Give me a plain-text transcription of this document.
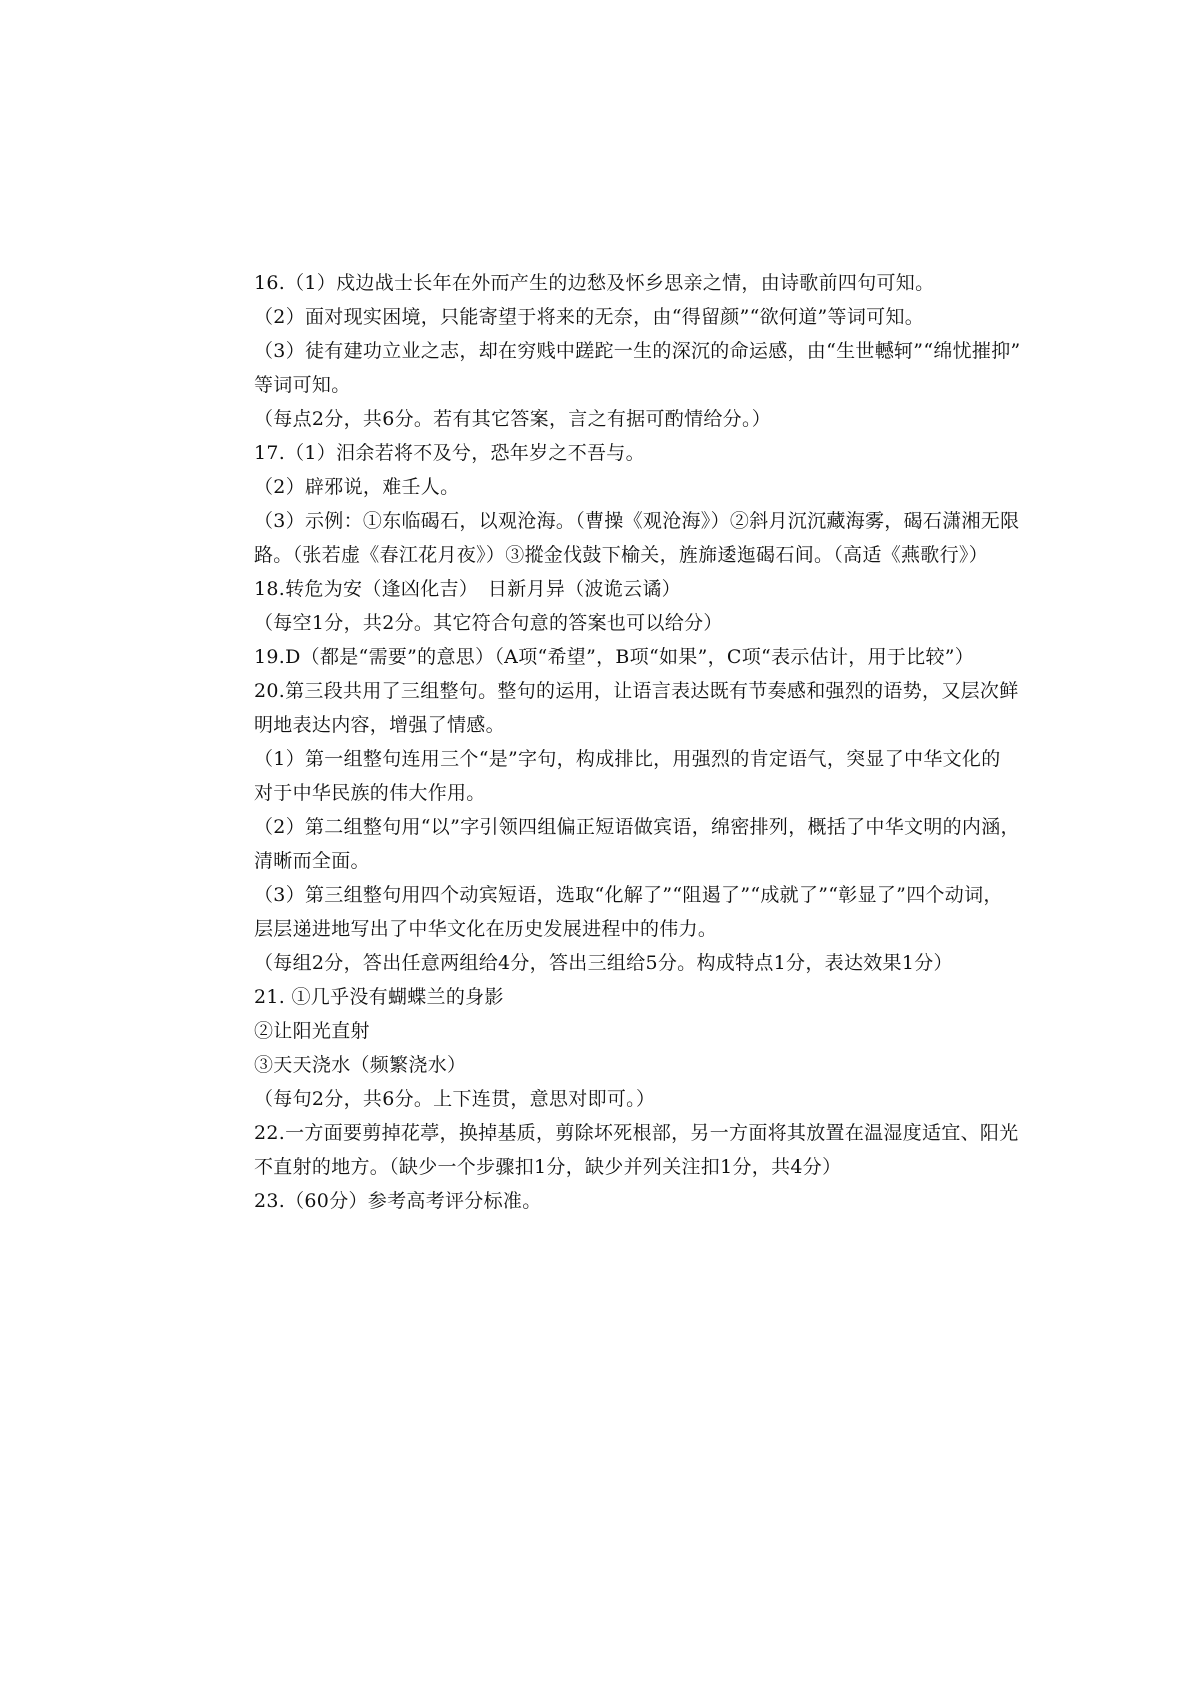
16.（1）戍边战士长年在外而产生的边愁及怀乡思亲之情，由诗歌前四句可知。
（2）面对现实困境，只能寄望于将来的无奈，由“得留颜”“欲何道”等词可知。
（3）徒有建功立业之志，却在穷贱中蹉跎一生的深沉的命运感，由“生世轗轲”“绵忧摧抑”
等词可知。
（每点2分，共6分。若有其它答案，言之有据可酌情给分。）
17.（1）汨余若将不及兮，恐年岁之不吾与。
（2）辟邪说，难壬人。
（3）示例：①东临碣石，以观沧海。（曹操《观沧海》）②斜月沉沉藏海雾，碣石潇湘无限
路。（张若虚《春江花月夜》）③摐金伐鼓下榆关，旌旆逶迤碣石间。（高适《燕歌行》）
18.转危为安（逢凶化吉）　日新月异（波诡云谲）
（每空1分，共2分。其它符合句意的答案也可以给分）
19.D（都是“需要”的意思）（A项“希望”，B项“如果”，C项“表示估计，用于比较”）
20.第三段共用了三组整句。整句的运用，让语言表达既有节奏感和强烈的语势，又层次鲜
明地表达内容，增强了情感。
（1）第一组整句连用三个“是”字句，构成排比，用强烈的肯定语气，突显了中华文化的
对于中华民族的伟大作用。
（2）第二组整句用“以”字引领四组偏正短语做宾语，绵密排列，概括了中华文明的内涵，
清晰而全面。
（3）第三组整句用四个动宾短语，选取“化解了”“阻遏了”“成就了”“彰显了”四个动词，
层层递进地写出了中华文化在历史发展进程中的伟力。
（每组2分，答出任意两组给4分，答出三组给5分。构成特点1分，表达效果1分）
21. ①几乎没有蝴蝶兰的身影
②让阳光直射
③天天浇水（频繁浇水）
（每句2分，共6分。上下连贯，意思对即可。）
22.一方面要剪掉花葶，换掉基质，剪除坏死根部，另一方面将其放置在温湿度适宜、阳光
不直射的地方。（缺少一个步骤扣1分，缺少并列关注扣1分，共4分）
23.（60分）参考高考评分标准。
